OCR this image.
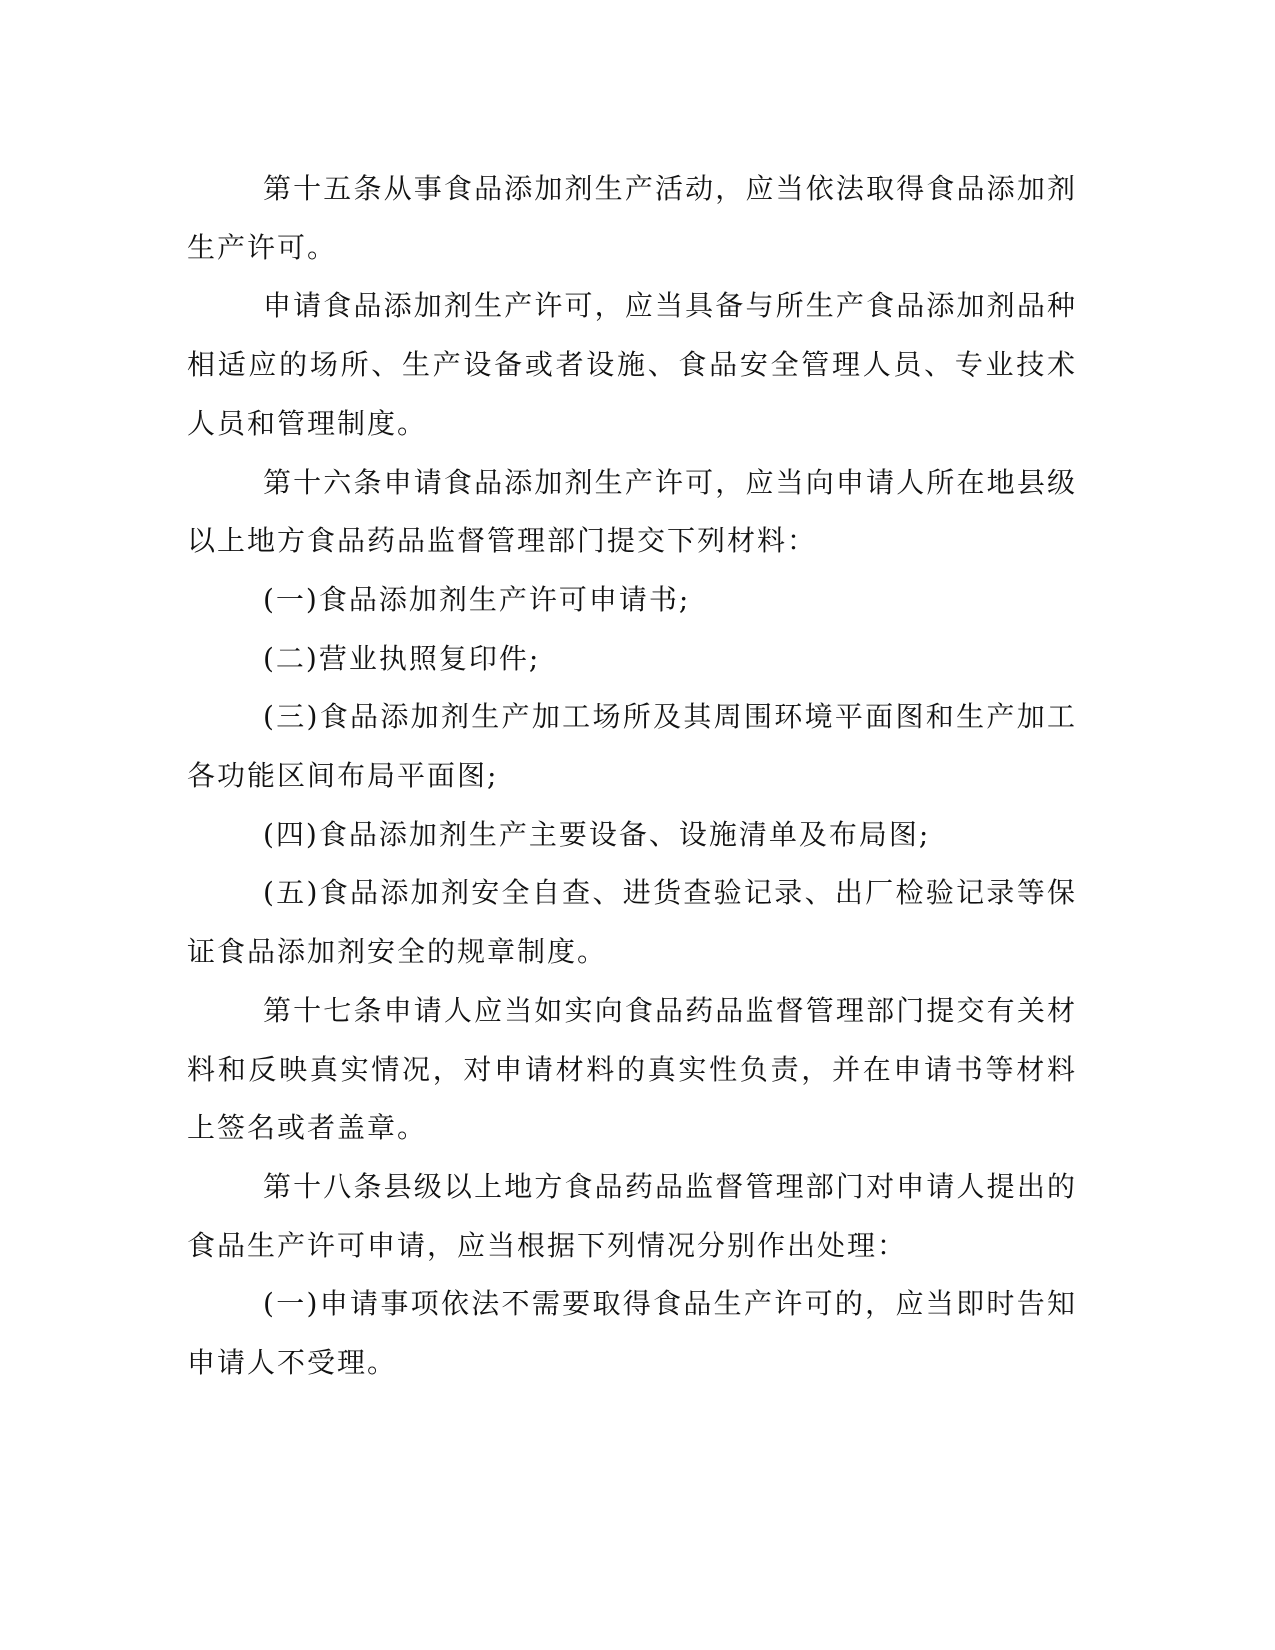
第十五条从事食品添加剂生产活动，应当依法取得食品添加剂生产许可。

申请食品添加剂生产许可，应当具备与所生产食品添加剂品种相适应的场所、生产设备或者设施、食品安全管理人员、专业技术人员和管理制度。

第十六条申请食品添加剂生产许可，应当向申请人所在地县级以上地方食品药品监督管理部门提交下列材料：

(一)食品添加剂生产许可申请书;

(二)营业执照复印件;

(三)食品添加剂生产加工场所及其周围环境平面图和生产加工各功能区间布局平面图;

(四)食品添加剂生产主要设备、设施清单及布局图;

(五)食品添加剂安全自查、进货查验记录、出厂检验记录等保证食品添加剂安全的规章制度。

第十七条申请人应当如实向食品药品监督管理部门提交有关材料和反映真实情况，对申请材料的真实性负责，并在申请书等材料上签名或者盖章。

第十八条县级以上地方食品药品监督管理部门对申请人提出的食品生产许可申请，应当根据下列情况分别作出处理：

(一)申请事项依法不需要取得食品生产许可的，应当即时告知申请人不受理。
